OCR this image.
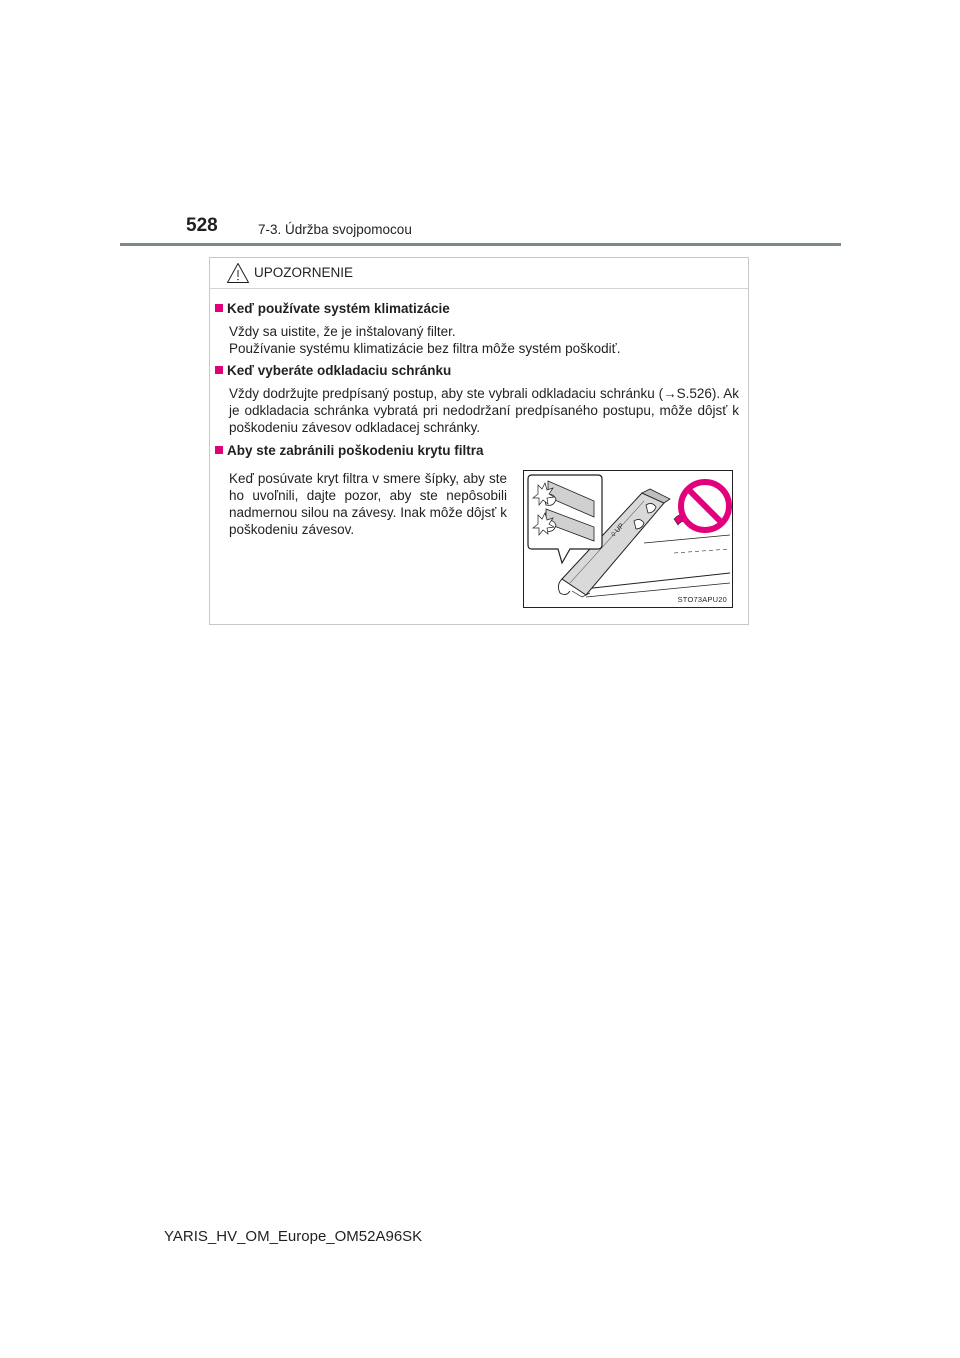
528	7-3. Údržba svojpomocou
UPOZORNENIE
Keď používate systém klimatizácie

Vždy sa uistite, že je inštalovaný filter.
Používanie systému klimatizácie bez filtra môže systém poškodiť.

Keď vyberáte odkladaciu schránku

Vždy dodržujte predpísaný postup, aby ste vybrali odkladaciu schránku (→S.526). Ak je odkladacia schránka vybratá pri nedodržaní predpísaného postupu, môže dôjsť k poškodeniu závesov odkladacej schránky.

Aby ste zabránili poškodeniu krytu filtra

Keď posúvate kryt filtra v smere šípky, aby ste ho uvoľnili, dajte pozor, aby ste nepôsobili nadmernou silou na závesy. Inak môže dôjsť k poškodeniu závesov.	◊ UP
STO73APU20
YARIS_HV_OM_Europe_OM52A96SK
